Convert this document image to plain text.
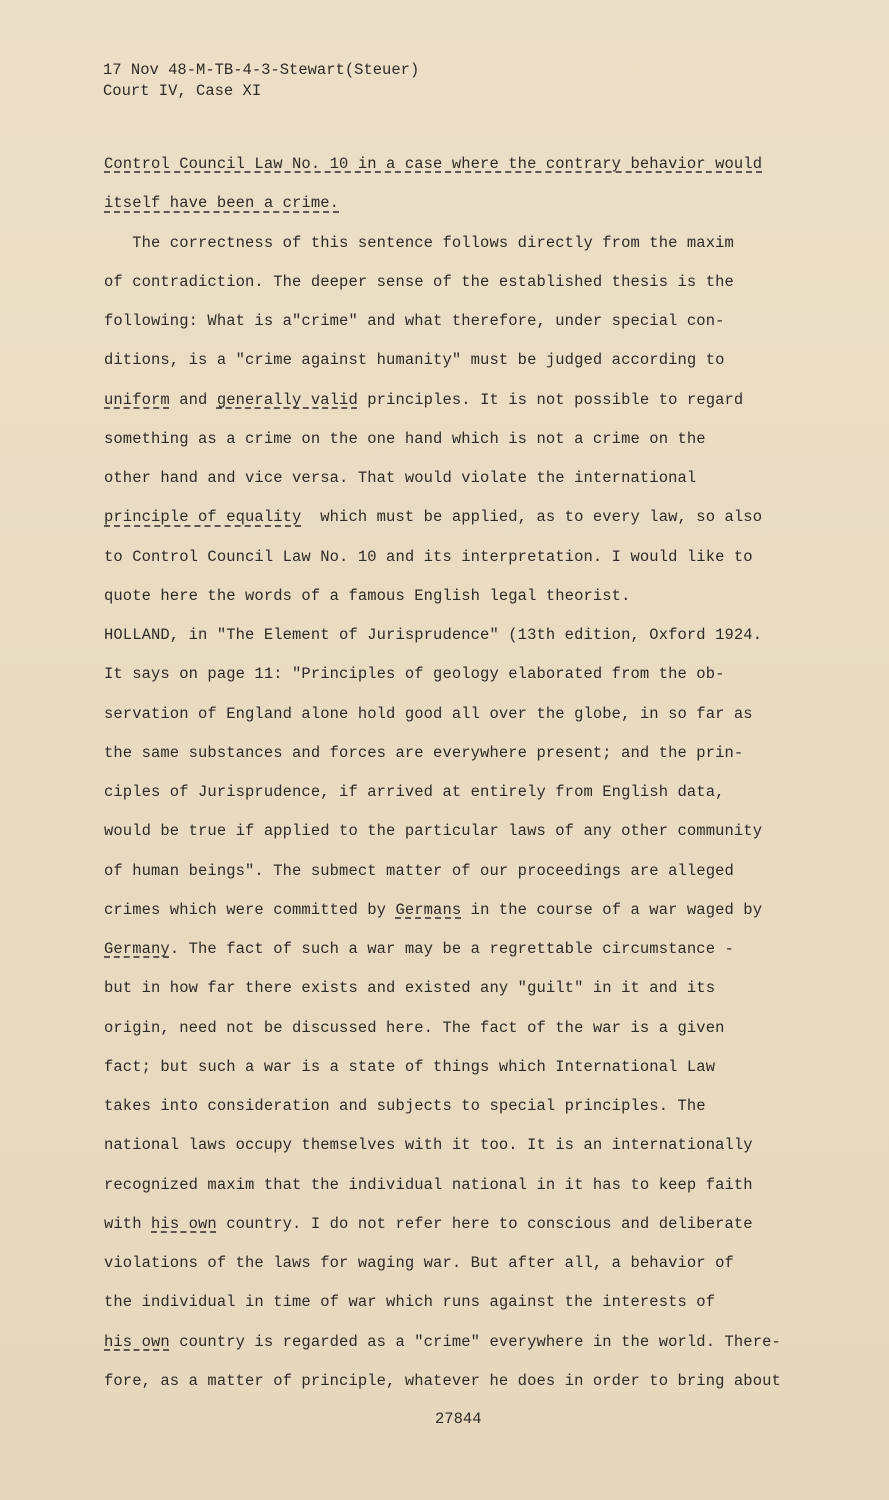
17 Nov 48-M-TB-4-3-Stewart(Steuer)
Court IV, Case XI
Control Council Law No. 10 in a case where the contrary behavior would
itself have been a crime.
The correctness of this sentence follows directly from the maxim
of contradiction. The deeper sense of the established thesis is the
following: What is a"crime" and what therefore, under special con-
ditions, is a "crime against humanity" must be judged according to
uniform and generally valid principles. It is not possible to regard
something as a crime on the one hand which is not a crime on the
other hand and vice versa. That would violate the international
principle of equality  which must be applied, as to every law, so also
to Control Council Law No. 10 and its interpretation. I would like to
quote here the words of a famous English legal theorist.
HOLLAND, in "The Element of Jurisprudence" (13th edition, Oxford 1924.
It says on page 11: "Principles of geology elaborated from the ob-
servation of England alone hold good all over the globe, in so far as
the same substances and forces are everywhere present; and the prin-
ciples of Jurisprudence, if arrived at entirely from English data,
would be true if applied to the particular laws of any other community
of human beings". The submect matter of our proceedings are alleged
crimes which were committed by Germans in the course of a war waged by
Germany. The fact of such a war may be a regrettable circumstance -
but in how far there exists and existed any "guilt" in it and its
origin, need not be discussed here. The fact of the war is a given
fact; but such a war is a state of things which International Law
takes into consideration and subjects to special principles. The
national laws occupy themselves with it too. It is an internationally
recognized maxim that the individual national in it has to keep faith
with his own country. I do not refer here to conscious and deliberate
violations of the laws for waging war. But after all, a behavior of
the individual in time of war which runs against the interests of
his own country is regarded as a "crime" everywhere in the world. There-
fore, as a matter of principle, whatever he does in order to bring about
27844
